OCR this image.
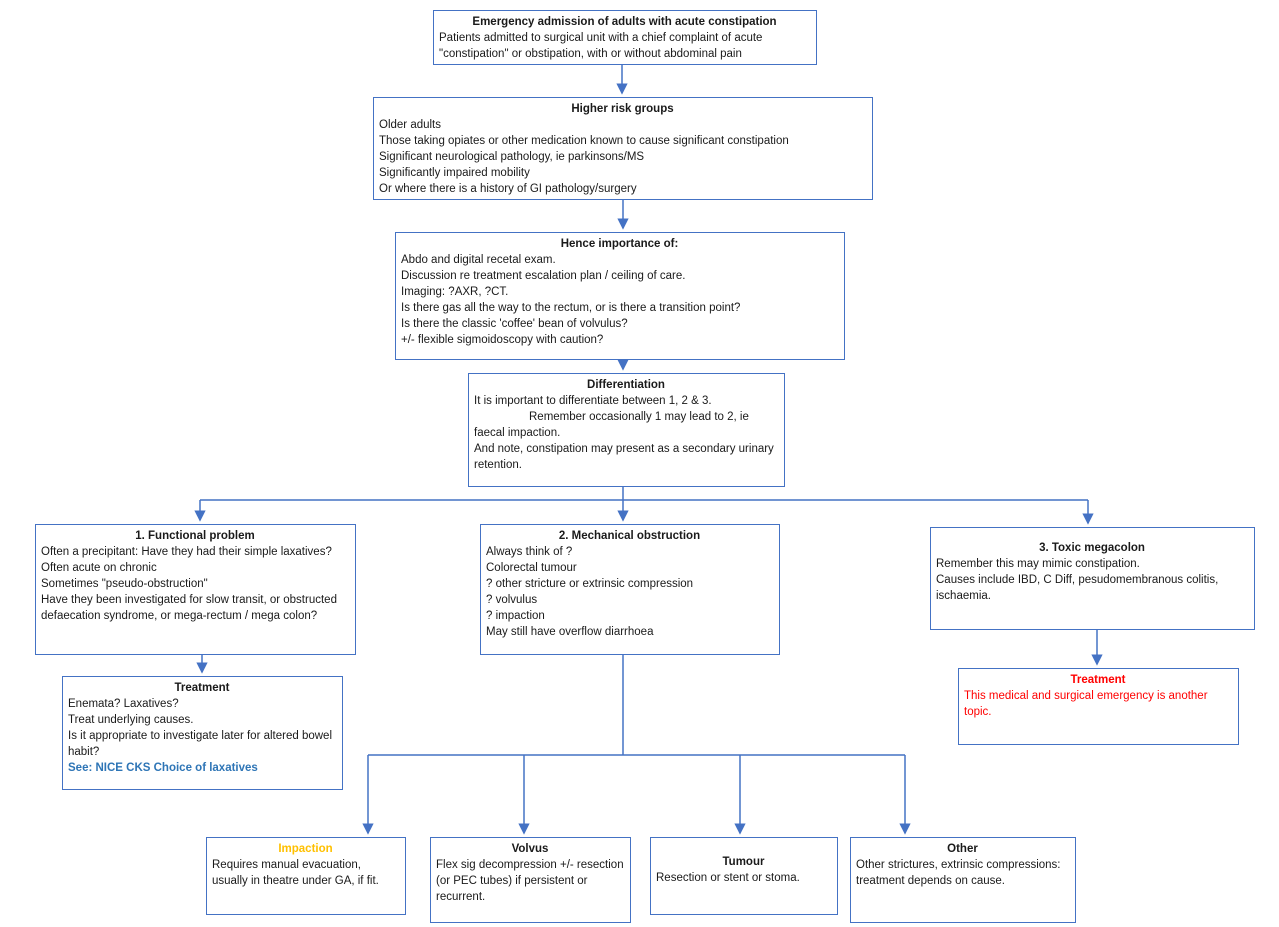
Emergency admission of adults with acute constipation

Patients admitted to surgical unit with a chief complaint of acute "constipation" or obstipation, with or without abdominal pain

Higher risk groups

Older adults

Those taking opiates or other medication known to cause significant constipation

Significant neurological pathology, ie parkinsons/MS

Significantly impaired mobility

Or where there is a history of GI pathology/surgery

Hence importance of:

Abdo and digital recetal exam.

Discussion re treatment escalation plan / ceiling of care.

Imaging: ?AXR, ?CT.

Is there gas all the way to the rectum, or is there a transition point?

Is there the classic 'coffee' bean of volvulus?

+/- flexible sigmoidoscopy with caution?

Differentiation

It is important to differentiate between 1, 2 & 3.

Remember occasionally 1 may lead to 2, ie faecal impaction.

And note, constipation may present as a secondary urinary retention.

1. Functional problem

Often a precipitant: Have they had their simple laxatives?

Often acute on chronic

Sometimes "pseudo-obstruction"

Have they been investigated for slow transit, or obstructed defaecation syndrome, or mega-rectum / mega colon?

2. Mechanical obstruction

Always think of ?

Colorectal tumour

? other stricture or extrinsic compression

? volvulus

? impaction

May still have overflow diarrhoea

3. Toxic megacolon

Remember this may mimic constipation.

Causes include IBD, C Diff, pesudomembranous colitis, ischaemia.

Treatment

Enemata? Laxatives?

Treat underlying causes.

Is it appropriate to investigate later for altered bowel habit?

See: NICE CKS Choice of laxatives

Treatment

This medical and surgical emergency is another topic.

Impaction

Requires manual evacuation, usually in theatre under GA, if fit.

Volvus

Flex sig decompression +/- resection (or PEC tubes) if persistent or recurrent.

Tumour

Resection or stent or stoma.

Other

Other strictures, extrinsic compressions: treatment depends on cause.
